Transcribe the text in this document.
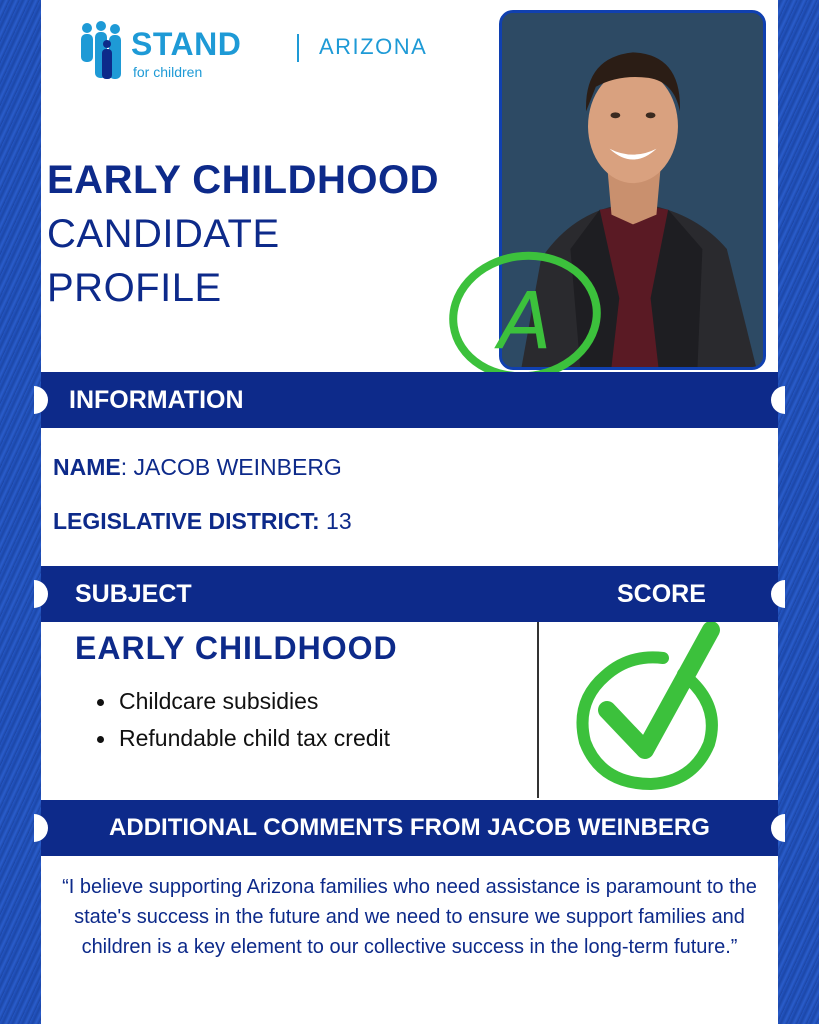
STAND
for children
ARIZONA
EARLY CHILDHOOD
CANDIDATE
PROFILE	A
INFORMATION
NAME: JACOB WEINBERG
LEGISLATIVE DISTRICT: 13
SUBJECT	SCORE
EARLY CHILDHOOD
Childcare subsidies
Refundable child tax credit
ADDITIONAL COMMENTS FROM JACOB WEINBERG
“I believe supporting Arizona families who need assistance is paramount to the state's success in the future and we need to ensure we support families and children is a key element to our collective success in the long-term future.”
